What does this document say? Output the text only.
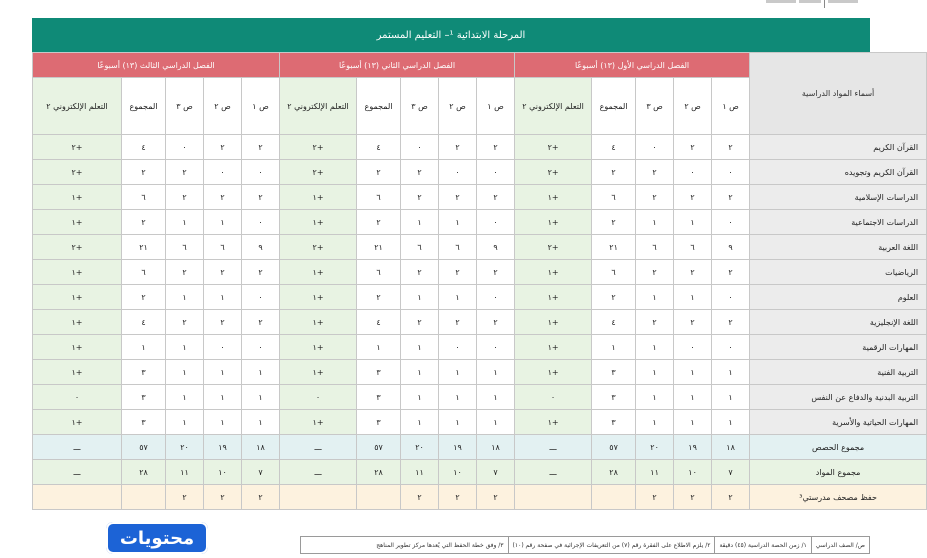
المرحلة الابتدائية ¹– التعليم المستمر
أسماء المواد الدراسية	الفصل الدراسي الأول (١٣) أسبوعًا					الفصل الدراسي الثاني (١٣) أسبوعًا					الفصل الدراسي الثالث (١٣) أسبوعًا				
	ص ١	ص ٢	ص ٣	المجموع	التعلم الإلكتروني ٢	ص ١	ص ٢	ص ٣	المجموع	التعلم الإلكتروني ٢	ص ١	ص ٢	ص ٣	المجموع	التعلم الإلكتروني ٢
القرآن الكريم	٢	٢	٠	٤	+٢	٢	٢	٠	٤	+٢	٢	٢	٠	٤	+٢
القرآن الكريم وتجويده	٠	٠	٢	٢	+٢	٠	٠	٢	٢	+٢	٠	٠	٢	٢	+٢
الدراسات الإسلامية	٢	٢	٢	٦	+١	٢	٢	٢	٦	+١	٢	٢	٢	٦	+١
الدراسات الاجتماعية	٠	١	١	٢	+١	٠	١	١	٢	+١	٠	١	١	٢	+١
اللغة العربية	٩	٦	٦	٢١	+٢	٩	٦	٦	٢١	+٢	٩	٦	٦	٢١	+٢
الرياضيات	٢	٢	٢	٦	+١	٢	٢	٢	٦	+١	٢	٢	٢	٦	+١
العلوم	٠	١	١	٢	+١	٠	١	١	٢	+١	٠	١	١	٢	+١
اللغة الإنجليزية	٢	٢	٢	٤	+١	٢	٢	٢	٤	+١	٢	٢	٢	٤	+١
المهارات الرقمية	٠	٠	١	١	+١	٠	٠	١	١	+١	٠	٠	١	١	+١
التربية الفنية	١	١	١	٣	+١	١	١	١	٣	+١	١	١	١	٣	+١
التربية البدنية والدفاع عن النفس	١	١	١	٣	٠	١	١	١	٣	٠	١	١	١	٣	٠
المهارات الحياتية والأسرية	١	١	١	٣	+١	١	١	١	٣	+١	١	١	١	٣	+١
مجموع الحصص	١٨	١٩	٢٠	٥٧	ـــ	١٨	١٩	٢٠	٥٧	ـــ	١٨	١٩	٢٠	٥٧	ـــ
مجموع المواد	٧	١٠	١١	٢٨	ـــ	٧	١٠	١١	٢٨	ـــ	٧	١٠	١١	٢٨	ـــ
حفظ مصحف مدرستي³	٢	٢	٢			٢	٢	٢			٢	٢	٢		
محتويات	ص/ الصف الدراسي
١/ زمن الحصة الدراسية (٤٥) دقيقة
٢/ يلزم الاطلاع على الفقرة رقم (٧) من التعريفات الإجرائية في صفحة رقم (١٠)
٣/ وفق خطة الحفظ التي يُعدها مركز تطوير المناهج
